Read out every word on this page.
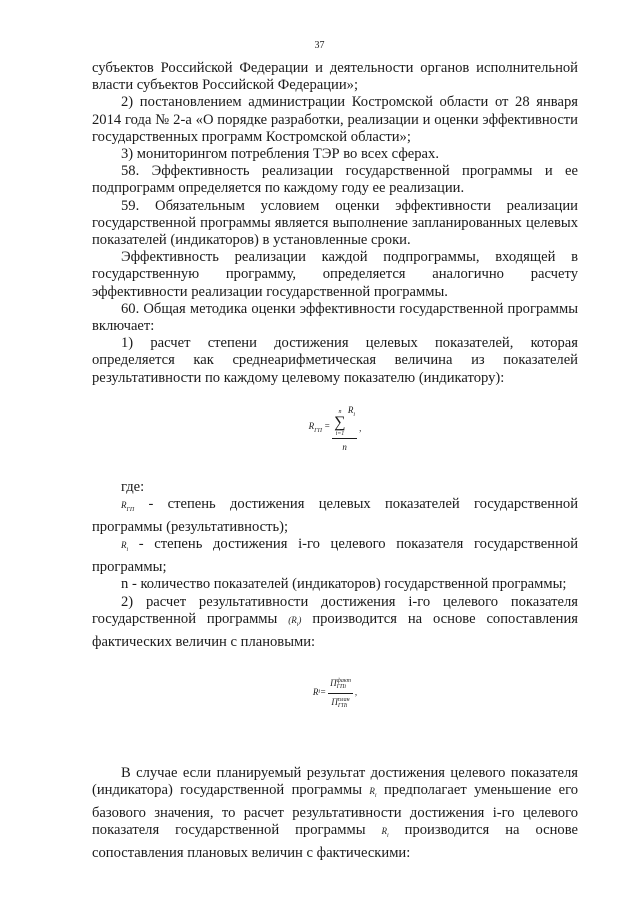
37

субъектов Российской Федерации и деятельности органов исполнительной власти субъектов Российской Федерации»;

2) постановлением администрации Костромской области от 28 января 2014 года № 2-а «О порядке разработки, реализации и оценки эффективности государственных программ Костромской области»;

3) мониторингом потребления ТЭР во всех сферах.

58. Эффективность реализации государственной программы и ее подпрограмм определяется по каждому году ее реализации.

59. Обязательным условием оценки эффективности реализации государственной программы является выполнение запланированных целевых показателей (индикаторов) в установленные сроки.

Эффективность реализации каждой подпрограммы, входящей в государственную программу, определяется аналогично расчету эффективности реализации государственной программы.

60. Общая методика оценки эффективности государственной программы включает:

1) расчет степени достижения целевых показателей, которая определяется как среднеарифметическая величина из показателей результативности по каждому целевому показателю (индикатору):

$R_{ГП} = n$
∑
i=1
$R_i$
n ,

где:

$R_{ГП}$ - степень достижения целевых показателей государственной программы (результативность);

$R_i$ - степень достижения i-го целевого показателя государственной программы;

n - количество показателей (индикаторов) государственной программы;

2) расчет результативности достижения i-го целевого показателя государственной программы $(R_i)$ производится на основе сопоставления фактических величин с плановыми:

R i = П факт
ГПi
П план
ГПi ,

В случае если планируемый результат достижения целевого показателя (индикатора) государственной программы $R_i$ предполагает уменьшение его базового значения, то расчет результативности достижения i-го целевого показателя государственной программы $R_i$ производится на основе сопоставления плановых величин с фактическими:
